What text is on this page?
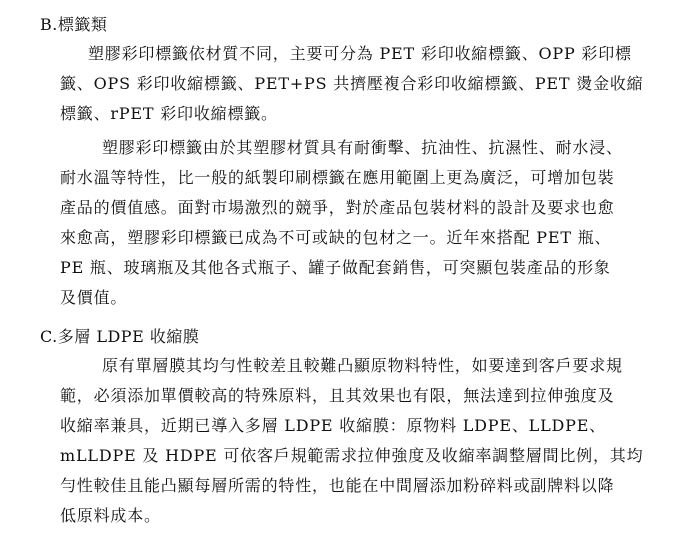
B.標籤類
塑膠彩印標籤依材質不同，主要可分為 PET 彩印收縮標籤、OPP 彩印標
籤、OPS 彩印收縮標籤、PET+PS 共擠壓複合彩印收縮標籤、PET 燙金收縮
標籤、rPET 彩印收縮標籤。
塑膠彩印標籤由於其塑膠材質具有耐衝擊、抗油性、抗濕性、耐水浸、
耐水溫等特性，比一般的紙製印刷標籤在應用範圍上更為廣泛，可增加包裝
產品的價值感。面對市場激烈的競爭，對於產品包裝材料的設計及要求也愈
來愈高，塑膠彩印標籤已成為不可或缺的包材之一。近年來搭配 PET 瓶、
PE 瓶、玻璃瓶及其他各式瓶子、罐子做配套銷售，可突顯包裝產品的形象
及價值。
C.多層 LDPE 收縮膜
原有單層膜其均勻性較差且較難凸顯原物料特性，如要達到客戶要求規
範，必須添加單價較高的特殊原料，且其效果也有限，無法達到拉伸強度及
收縮率兼具，近期已導入多層 LDPE 收縮膜：原物料 LDPE、LLDPE、
mLLDPE 及 HDPE 可依客戶規範需求拉伸強度及收縮率調整層間比例，其均
勻性較佳且能凸顯每層所需的特性，也能在中間層添加粉碎料或副牌料以降
低原料成本。
